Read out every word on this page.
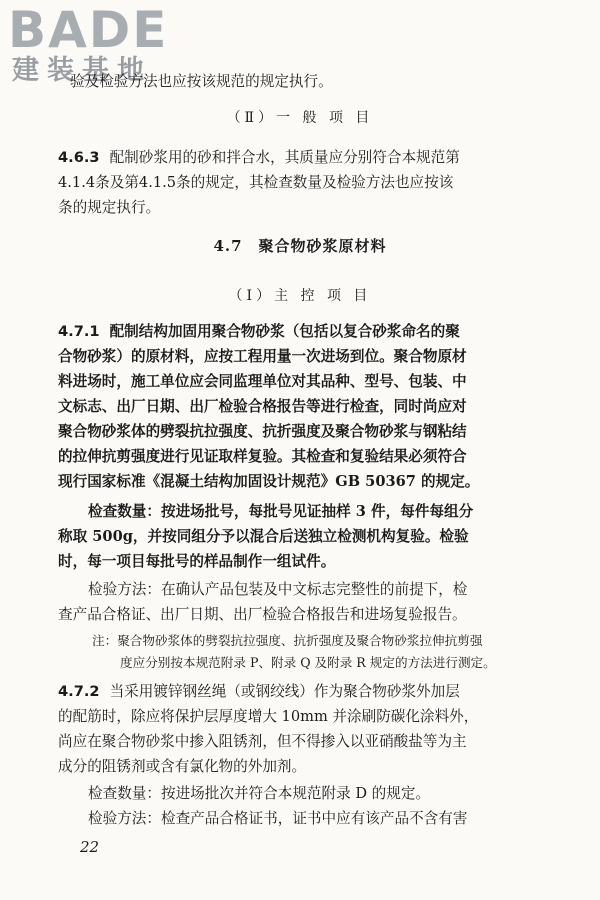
BADE
建装基地
验及检验方法也应按该规范的规定执行。
（Ⅱ）一 般 项 目
4.6.3 配制砂浆用的砂和拌合水，其质量应分别符合本规范第
4.1.4条及第4.1.5条的规定，其检查数量及检验方法也应按该
条的规定执行。
4.7　聚合物砂浆原材料
（Ⅰ）主 控 项 目
4.7.1 配制结构加固用聚合物砂浆（包括以复合砂浆命名的聚
合物砂浆）的原材料，应按工程用量一次进场到位。聚合物原材
料进场时，施工单位应会同监理单位对其品种、型号、包装、中
文标志、出厂日期、出厂检验合格报告等进行检查，同时尚应对
聚合物砂浆体的劈裂抗拉强度、抗折强度及聚合物砂浆与钢粘结
的拉伸抗剪强度进行见证取样复验。其检查和复验结果必须符合
现行国家标准《混凝土结构加固设计规范》GB 50367 的规定。
检查数量：按进场批号，每批号见证抽样 3 件，每件每组分
称取 500g，并按同组分予以混合后送独立检测机构复验。检验
时，每一项目每批号的样品制作一组试件。
检验方法：在确认产品包装及中文标志完整性的前提下，检
查产品合格证、出厂日期、出厂检验合格报告和进场复验报告。
注：聚合物砂浆体的劈裂抗拉强度、抗折强度及聚合物砂浆拉伸抗剪强
度应分别按本规范附录 P、附录 Q 及附录 R 规定的方法进行测定。
4.7.2 当采用镀锌钢丝绳（或钢绞线）作为聚合物砂浆外加层
的配筋时，除应将保护层厚度增大 10mm 并涂刷防碳化涂料外，
尚应在聚合物砂浆中掺入阻锈剂，但不得掺入以亚硝酸盐等为主
成分的阻锈剂或含有氯化物的外加剂。
检查数量：按进场批次并符合本规范附录 D 的规定。
检验方法：检查产品合格证书，证书中应有该产品不含有害
22
